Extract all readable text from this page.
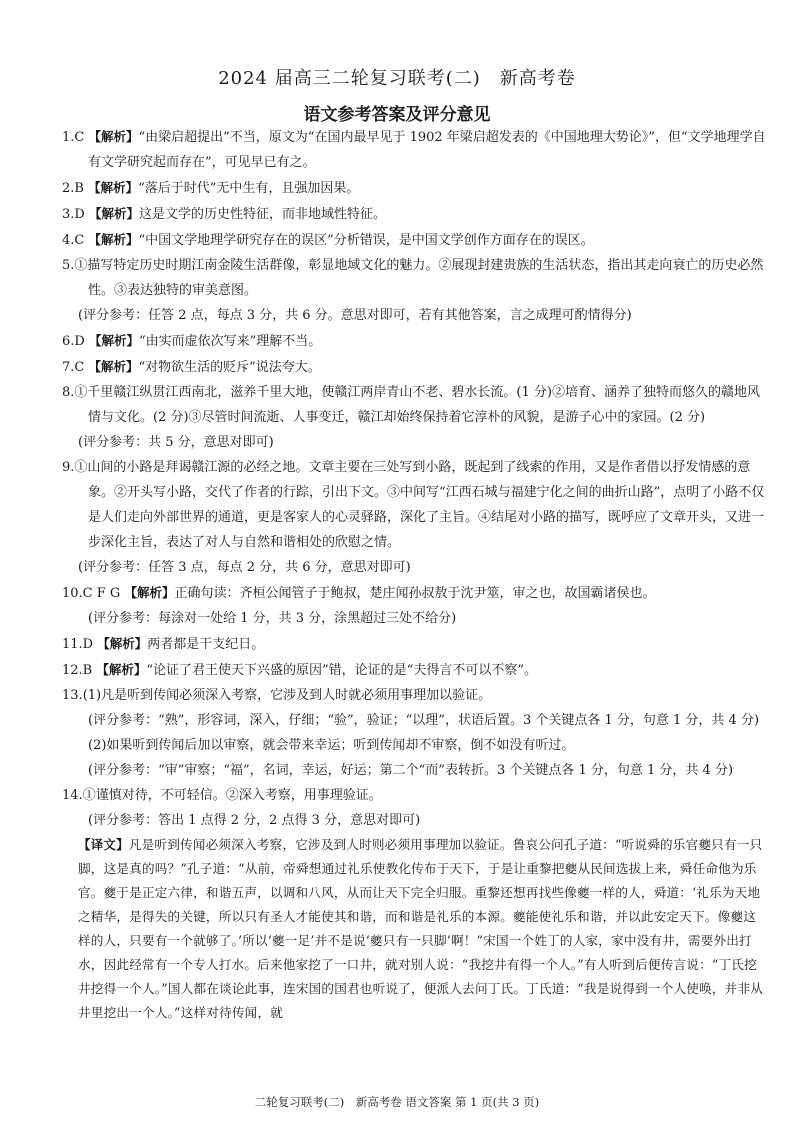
2024 届高三二轮复习联考(二)　新高考卷
语文参考答案及评分意见

1.C 【解析】“由梁启超提出”不当，原文为“在国内最早见于 1902 年梁启超发表的《中国地理大势论》”，但“文学地理学自有文学研究起而存在”，可见早已有之。

2.B 【解析】“落后于时代”无中生有，且强加因果。

3.D 【解析】这是文学的历史性特征，而非地域性特征。

4.C 【解析】“中国文学地理学研究存在的误区”分析错误，是中国文学创作方面存在的误区。

5.①描写特定历史时期江南金陵生活群像，彰显地域文化的魅力。②展现封建贵族的生活状态，指出其走向衰亡的历史必然性。③表达独特的审美意图。

(评分参考：任答 2 点，每点 3 分，共 6 分。意思对即可，若有其他答案，言之成理可酌情得分)

6.D 【解析】“由实而虚依次写来”理解不当。

7.C 【解析】“对物欲生活的贬斥”说法夸大。

8.①千里赣江纵贯江西南北，滋养千里大地，使赣江两岸青山不老、碧水长流。(1 分)②培育、涵养了独特而悠久的赣地风情与文化。(2 分)③尽管时间流逝、人事变迁，赣江却始终保持着它淳朴的风貌，是游子心中的家园。(2 分)

(评分参考：共 5 分，意思对即可)

9.①山间的小路是拜谒赣江源的必经之地。文章主要在三处写到小路，既起到了线索的作用，又是作者借以抒发情感的意象。②开头写小路，交代了作者的行踪，引出下文。③中间写“江西石城与福建宁化之间的曲折山路”，点明了小路不仅是人们走向外部世界的通道，更是客家人的心灵驿路，深化了主旨。④结尾对小路的描写，既呼应了文章开头，又进一步深化主旨，表达了对人与自然和谐相处的欣慰之情。

(评分参考：任答 3 点，每点 2 分，共 6 分，意思对即可)

10.C F G 【解析】正确句读：齐桓公闻管子于鲍叔，楚庄闻孙叔敖于沈尹筮，审之也，故国霸诸侯也。

(评分参考：每涂对一处给 1 分，共 3 分，涂黑超过三处不给分)

11.D 【解析】两者都是干支纪日。

12.B 【解析】“论证了君王使天下兴盛的原因”错，论证的是“夫得言不可以不察”。

13.(1)凡是听到传闻必须深入考察，它涉及到人时就必须用事理加以验证。

(评分参考：“熟”，形容词，深入，仔细；“验”，验证；“以理”，状语后置。3 个关键点各 1 分，句意 1 分，共 4 分)

(2)如果听到传闻后加以审察，就会带来幸运；听到传闻却不审察，倒不如没有听过。

(评分参考：“审”审察；“福”，名词，幸运，好运；第二个“而”表转折。3 个关键点各 1 分，句意 1 分，共 4 分)

14.①谨慎对待，不可轻信。②深入考察，用事理验证。

(评分参考：答出 1 点得 2 分，2 点得 3 分，意思对即可)

【译文】凡是听到传闻必须深入考察，它涉及到人时则必须用事理加以验证。鲁哀公问孔子道：“听说舜的乐官夔只有一只脚，这是真的吗？”孔子道：“从前，帝舜想通过礼乐使教化传布于天下，于是让重黎把夔从民间选拔上来，舜任命他为乐官。夔于是正定六律，和谐五声，以调和八风，从而让天下完全归服。重黎还想再找些像夔一样的人，舜道：‘礼乐为天地之精华，是得失的关键，所以只有圣人才能使其和谐，而和谐是礼乐的本源。夔能使礼乐和谐，并以此安定天下。像夔这样的人，只要有一个就够了。’所以‘夔一足’并不是说‘夔只有一只脚’啊！”宋国一个姓丁的人家，家中没有井，需要外出打水，因此经常有一个专人打水。后来他家挖了一口井，就对别人说：“我挖井有得一个人。”有人听到后便传言说：“丁氏挖井挖得一个人。”国人都在谈论此事，连宋国的国君也听说了，便派人去问丁氏。丁氏道：“我是说得到一个人使唤，并非从井里挖出一个人。”这样对待传闻，就

二轮复习联考(二)　新高考卷 语文答案 第 1 页(共 3 页)
